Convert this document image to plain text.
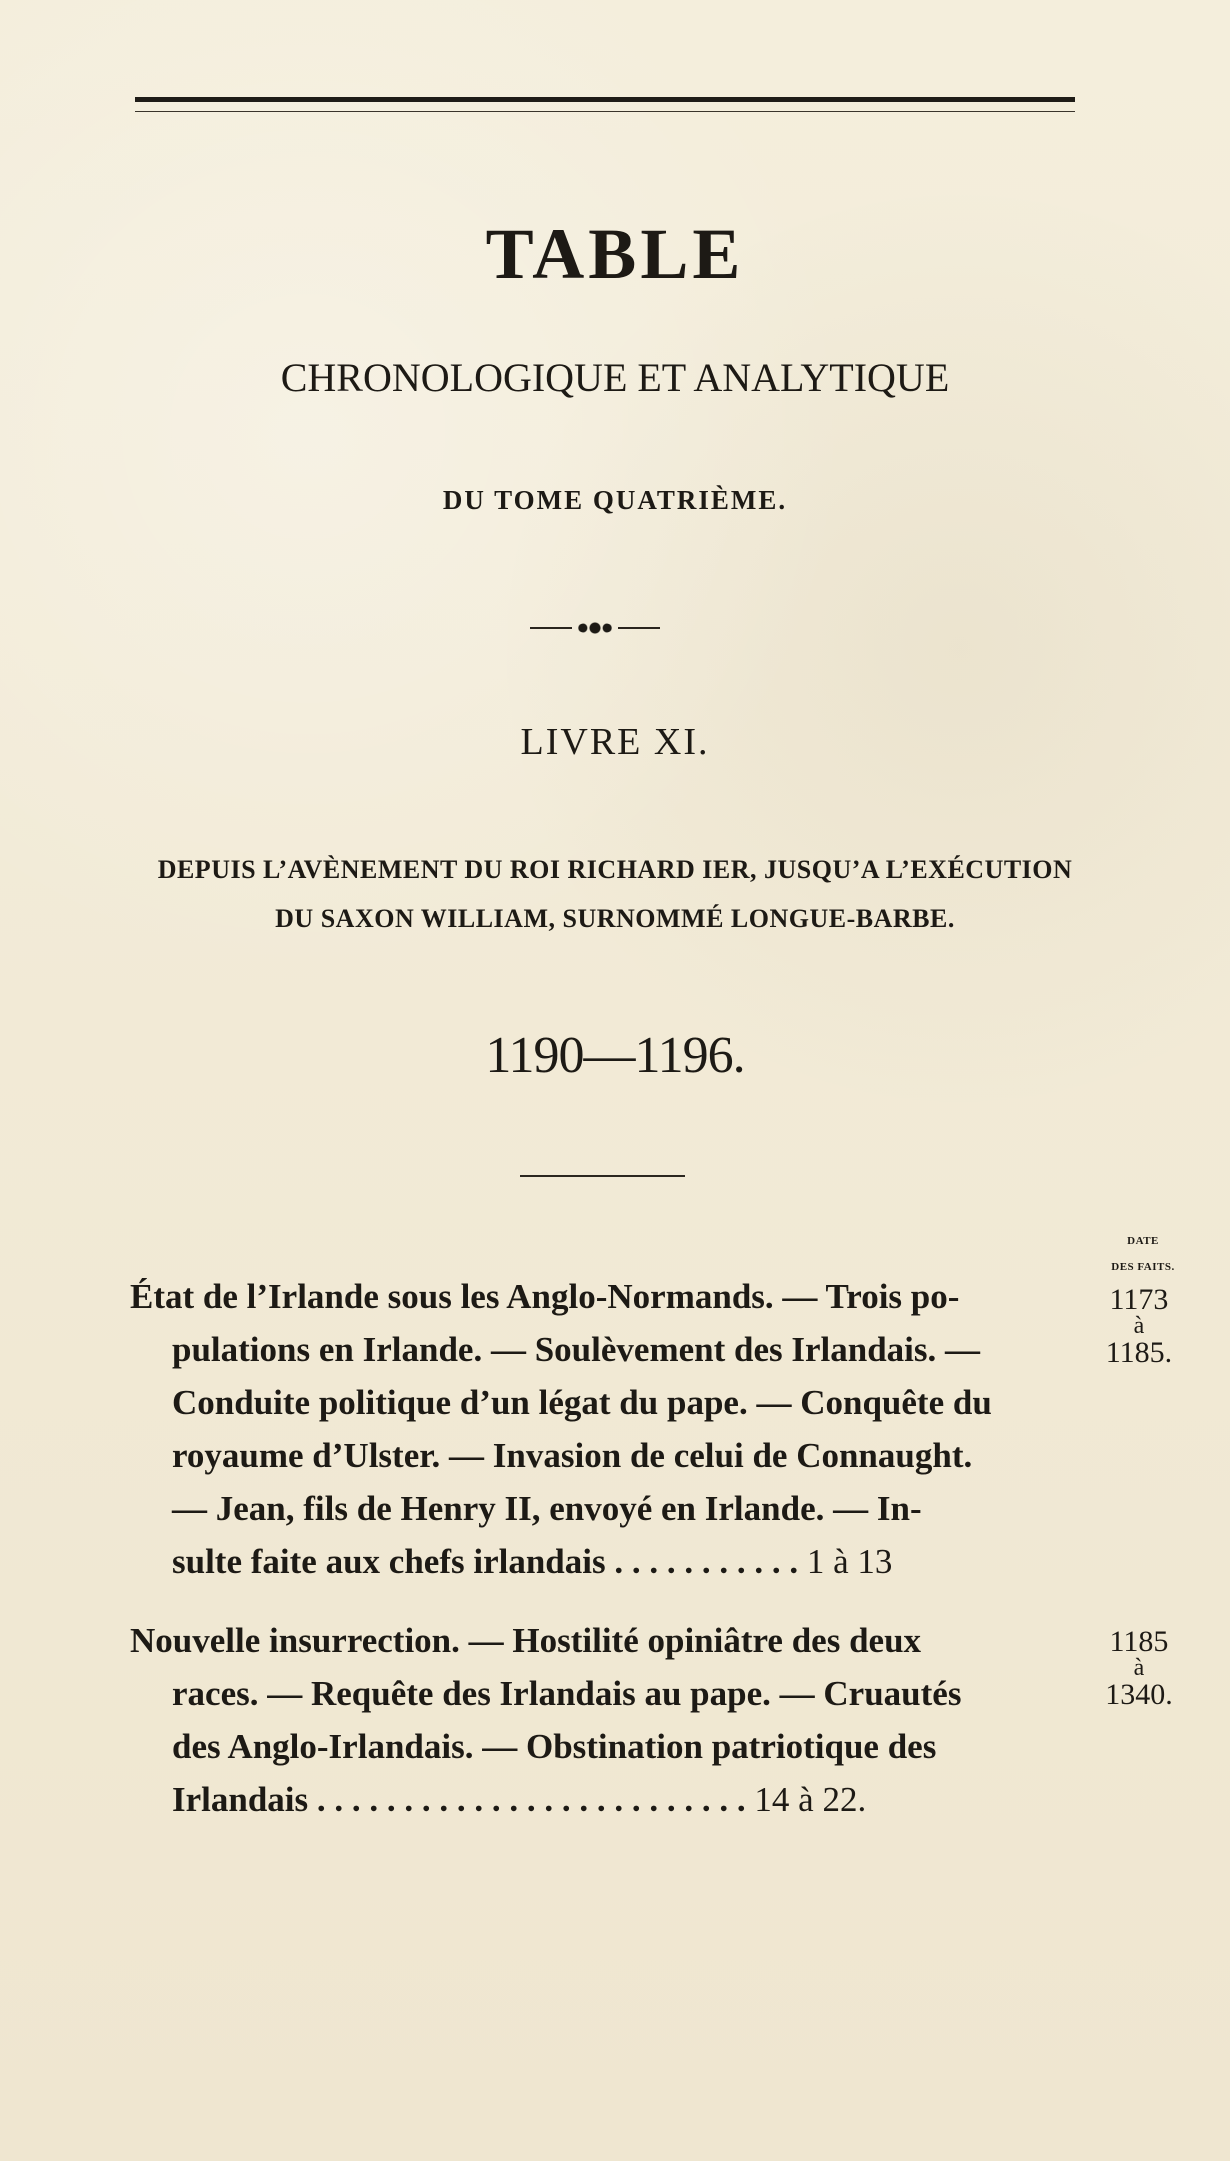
TABLE
CHRONOLOGIQUE ET ANALYTIQUE
DU TOME QUATRIÈME.
LIVRE XI.
DEPUIS L’AVÈNEMENT DU ROI RICHARD IER, JUSQU’A L’EXÉCUTION
DU SAXON WILLIAM, SURNOMMÉ LONGUE-BARBE.
1190—1196.
DATE
DES FAITS.
État de l’Irlande sous les Anglo-Normands. — Trois po-
pulations en Irlande. — Soulèvement des Irlandais. —
Conduite politique d’un légat du pape. — Conquête du
royaume d’Ulster. — Invasion de celui de Connaught.
— Jean, fils de Henry II, envoyé en Irlande. — In-
sulte faite aux chefs irlandais . . . . . . . . . . . 1 à 13
1173
à
1185.
Nouvelle insurrection. — Hostilité opiniâtre des deux
races. — Requête des Irlandais au pape. — Cruautés
des Anglo-Irlandais. — Obstination patriotique des
Irlandais . . . . . . . . . . . . . . . . . . . . . . . . . 14 à 22.
1185
à
1340.
